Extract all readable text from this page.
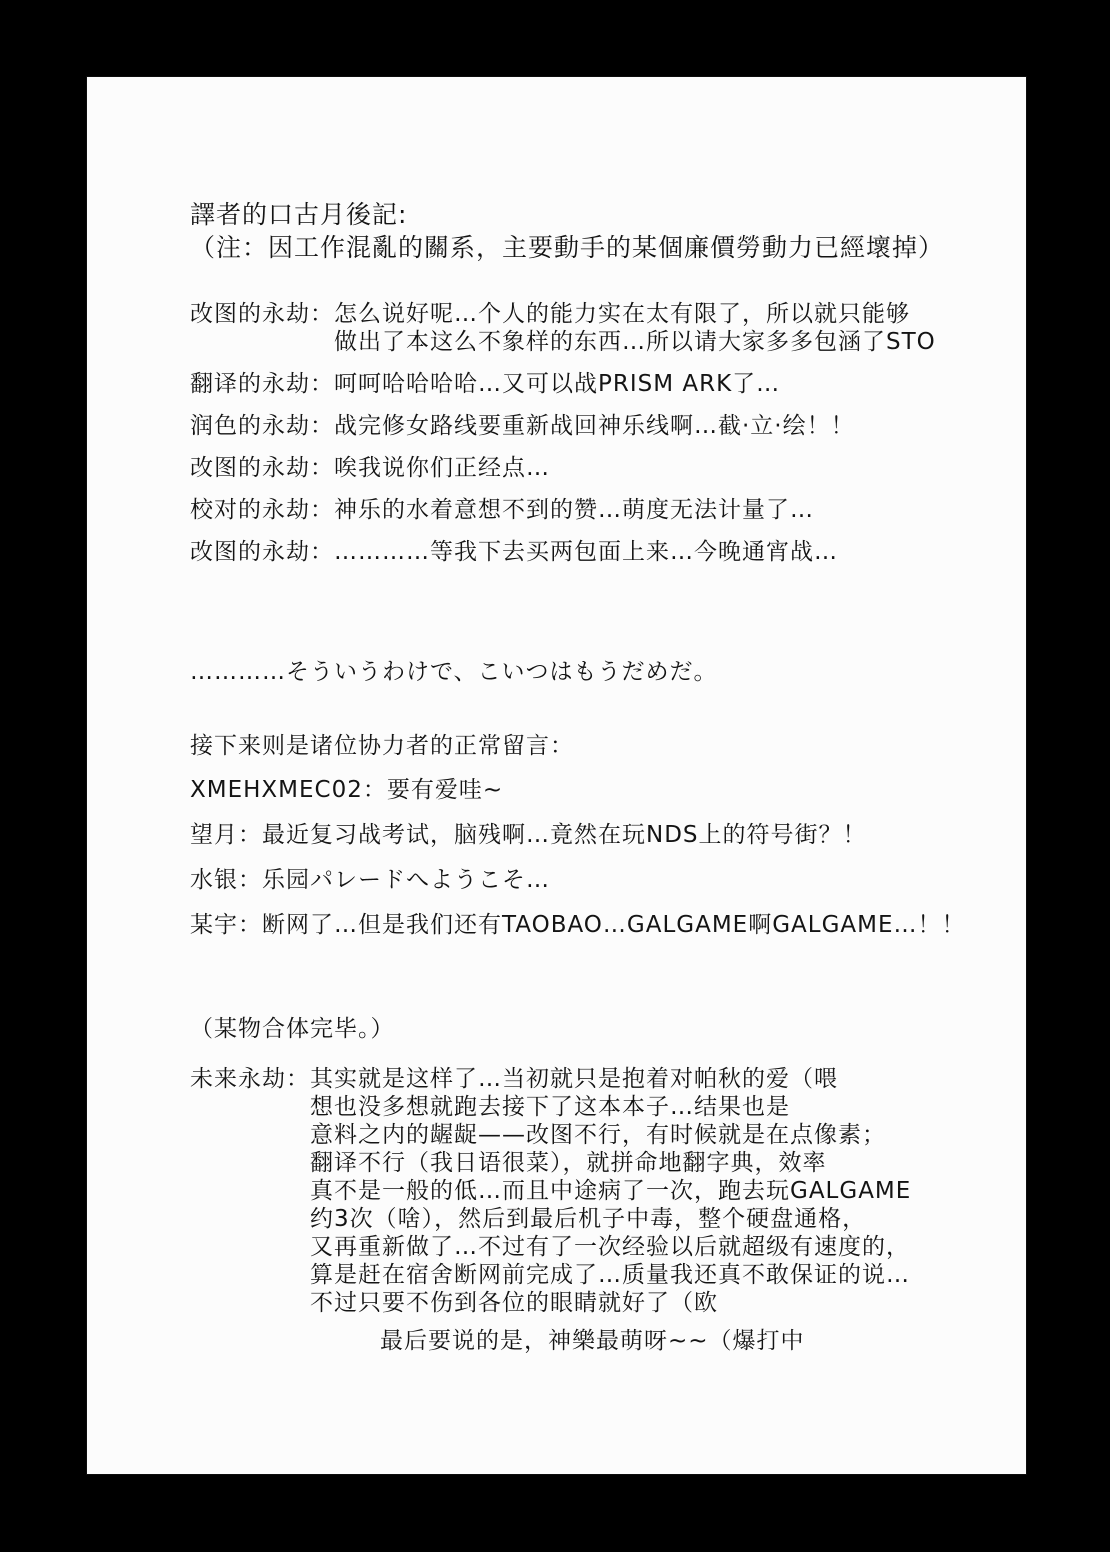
譯者的口古月後記:
（注：因工作混亂的關系，主要動手的某個廉價勞動力已經壞掉）
改图的永劫： 怎么说好呢…个人的能力实在太有限了，所以就只能够
做出了本这么不象样的东西…所以请大家多多包涵了STO
翻译的永劫： 呵呵哈哈哈哈…又可以战PRISM ARK了…
润色的永劫： 战完修女路线要重新战回神乐线啊…截·立·绘！！
改图的永劫： 唉我说你们正经点…
校对的永劫： 神乐的水着意想不到的赞…萌度无法计量了…
改图的永劫： …………等我下去买两包面上来…今晚通宵战…
…………そういうわけで、こいつはもうだめだ。
接下来则是诸位协力者的正常留言：
XMEHXMEC02： 要有爱哇~
望月： 最近复习战考试，脑残啊…竟然在玩NDS上的符号街？！
水银： 乐园パレードへようこそ…
某宇： 断网了…但是我们还有TAOBAO…GALGAME啊GALGAME…！！
（某物合体完毕。）
未来永劫： 其实就是这样了…当初就只是抱着对帕秋的爱（喂
想也没多想就跑去接下了这本本子…结果也是
意料之内的龌龊——改图不行，有时候就是在点像素；
翻译不行（我日语很菜），就拼命地翻字典，效率
真不是一般的低…而且中途病了一次，跑去玩GALGAME
约3次（啥），然后到最后机子中毒，整个硬盘通格，
又再重新做了…不过有了一次经验以后就超级有速度的，
算是赶在宿舍断网前完成了…质量我还真不敢保证的说…
不过只要不伤到各位的眼睛就好了（欧
最后要说的是，神樂最萌呀~~（爆打中
